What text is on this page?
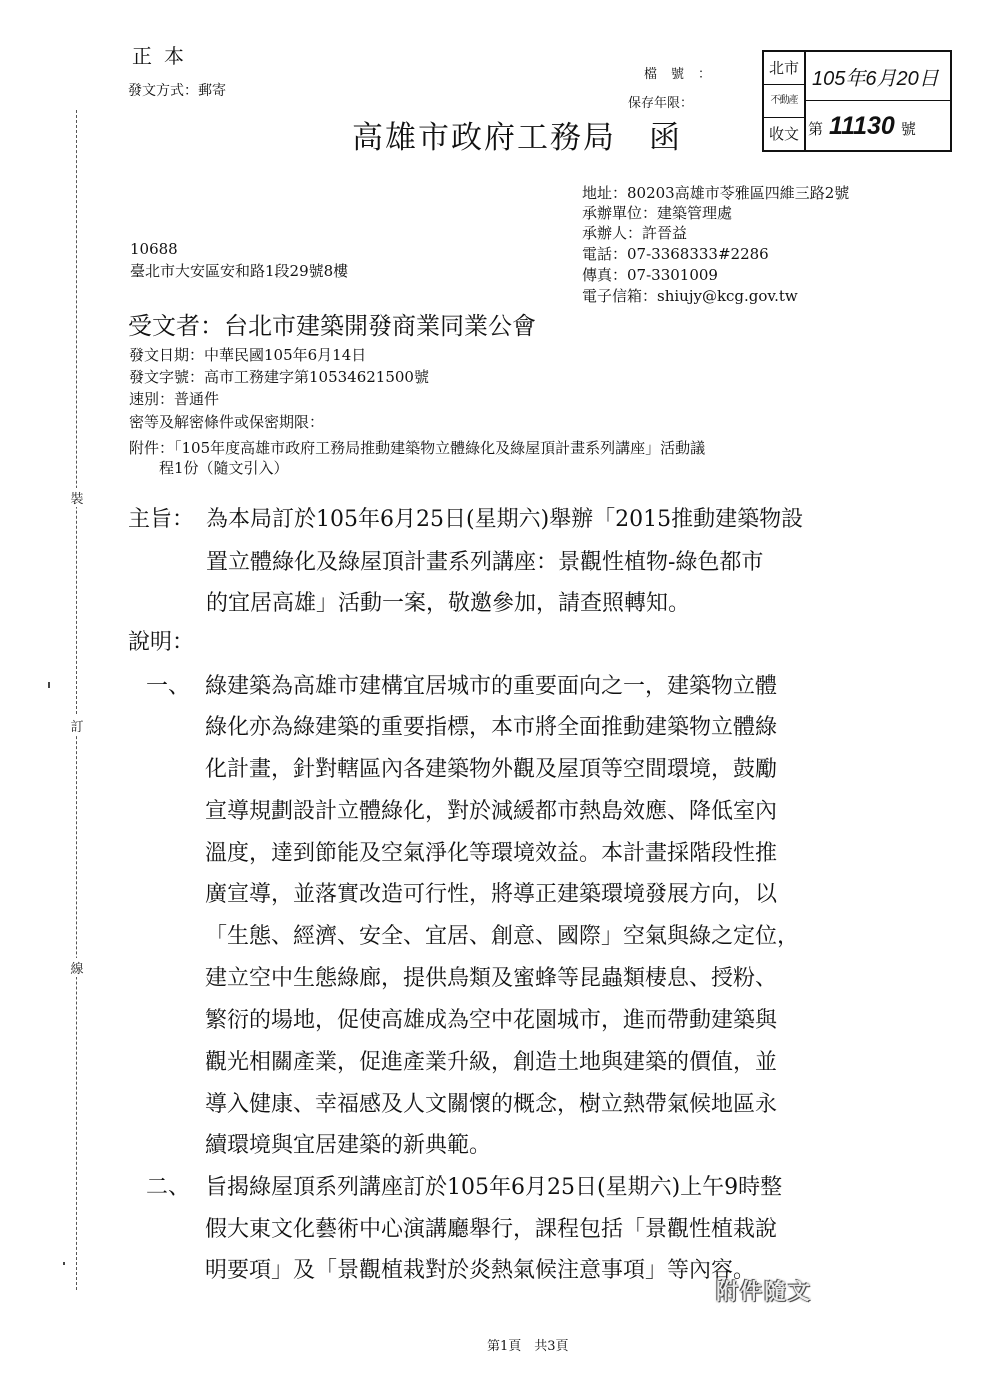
裝
訂
線
正本
發文方式：郵寄
檔號：
保存年限：
北市
不動產
收文
105年6月20日
第 11130 號
高雄市政府工務局　函
地址：80203高雄市苓雅區四維三路2號
承辦單位：建築管理處
承辦人：許晉益
電話：07-3368333#2286
傳真：07-3301009
電子信箱：shiujy@kcg.gov.tw
10688
臺北市大安區安和路1段29號8樓
受文者：台北市建築開發商業同業公會
發文日期：中華民國105年6月14日
發文字號：高市工務建字第10534621500號
速別：普通件
密等及解密條件或保密期限：
附件：「105年度高雄市政府工務局推動建築物立體綠化及綠屋頂計畫系列講座」活動議
　　程1份（隨文引入）
主旨： 為本局訂於105年6月25日(星期六)舉辦「2015推動建築物設
置立體綠化及綠屋頂計畫系列講座：景觀性植物-綠色都市
的宜居高雄」活動一案，敬邀參加，請查照轉知。
說明：
一、 綠建築為高雄市建構宜居城市的重要面向之一，建築物立體
綠化亦為綠建築的重要指標，本市將全面推動建築物立體綠
化計畫，針對轄區內各建築物外觀及屋頂等空間環境，鼓勵
宣導規劃設計立體綠化，對於減緩都市熱島效應、降低室內
溫度，達到節能及空氣淨化等環境效益。本計畫採階段性推
廣宣導，並落實改造可行性，將導正建築環境發展方向，以
「生態、經濟、安全、宜居、創意、國際」空氣與綠之定位，
建立空中生態綠廊，提供鳥類及蜜蜂等昆蟲類棲息、授粉、
繁衍的場地，促使高雄成為空中花園城市，進而帶動建築與
觀光相關產業，促進產業升級，創造土地與建築的價值，並
導入健康、幸福感及人文關懷的概念，樹立熱帶氣候地區永
續環境與宜居建築的新典範。
二、 旨揭綠屋頂系列講座訂於105年6月25日(星期六)上午9時整
假大東文化藝術中心演講廳舉行，課程包括「景觀性植栽說
明要項」及「景觀植栽對於炎熱氣候注意事項」等內容。
附件隨文
第1頁　共3頁
